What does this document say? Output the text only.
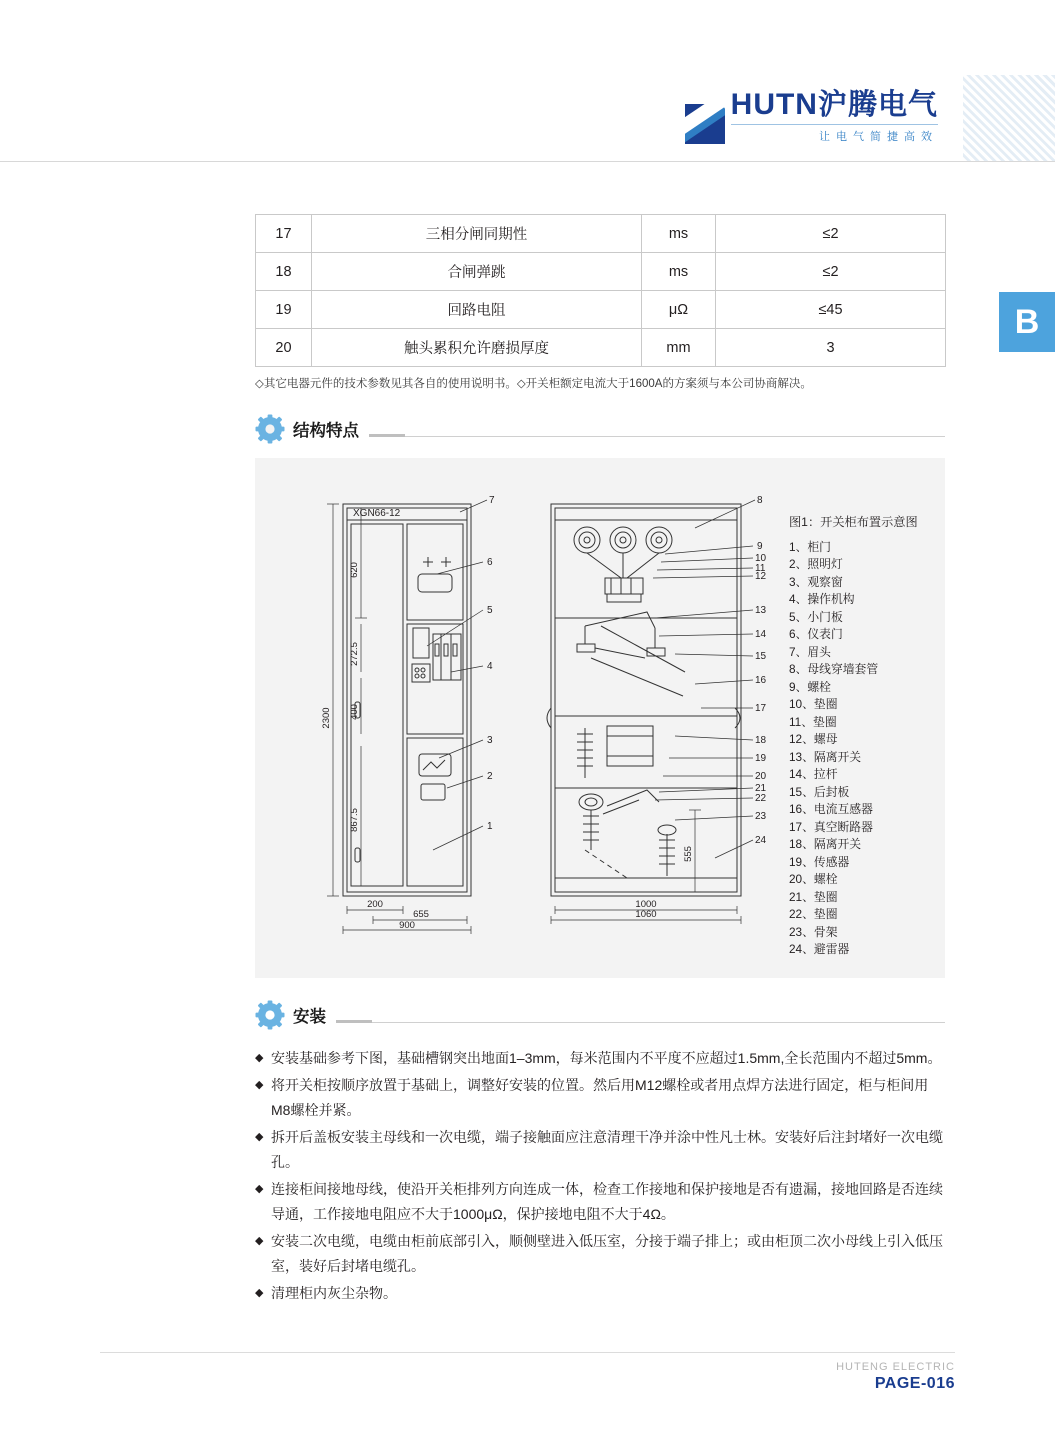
HUTN 沪腾电气
让电气简捷高效
B
17	三相分闸同期性	ms	≤2
18	合闸弹跳	ms	≤2
19	回路电阻	μΩ	≤45
20	触头累积允许磨损厚度	mm	3
◇其它电器元件的技术参数见其各自的使用说明书。◇开关柜额定电流大于1600A的方案须与本公司协商解决。
结构特点
7
6
5
4
3
2
1
8
9
10
11
12
13
14
15
16
17
18
19
20
21
22
23
24
2300
620
272.5
400
867.5
555
200
655
900
1000
1060
XGN66-12
图1：开关柜布置示意图
1、柜门
2、照明灯
3、观察窗
4、操作机构
5、小门板
6、仪表门
7、眉头
8、母线穿墙套管
9、螺栓
10、垫圈
11、垫圈
12、螺母
13、隔离开关
14、拉杆
15、后封板
16、电流互感器
17、真空断路器
18、隔离开关
19、传感器
20、螺栓
21、垫圈
22、垫圈
23、骨架
24、避雷器
安装
◆ 安装基础参考下图，基础槽钢突出地面1–3mm，每米范围内不平度不应超过1.5mm,全长范围内不超过5mm。
◆ 将开关柜按顺序放置于基础上，调整好安装的位置。然后用M12螺栓或者用点焊方法进行固定，柜与柜间用M8螺栓并紧。
◆ 拆开后盖板安装主母线和一次电缆，端子接触面应注意清理干净并涂中性凡士林。安装好后注封堵好一次电缆孔。
◆ 连接柜间接地母线，使沿开关柜排列方向连成一体，检查工作接地和保护接地是否有遗漏，接地回路是否连续导通，工作接地电阻应不大于1000μΩ，保护接地电阻不大于4Ω。
◆ 安装二次电缆，电缆由柜前底部引入，顺侧壁进入低压室，分接于端子排上；或由柜顶二次小母线上引入低压室，装好后封堵电缆孔。
◆ 清理柜内灰尘杂物。
HUTENG ELECTRIC
PAGE-016
